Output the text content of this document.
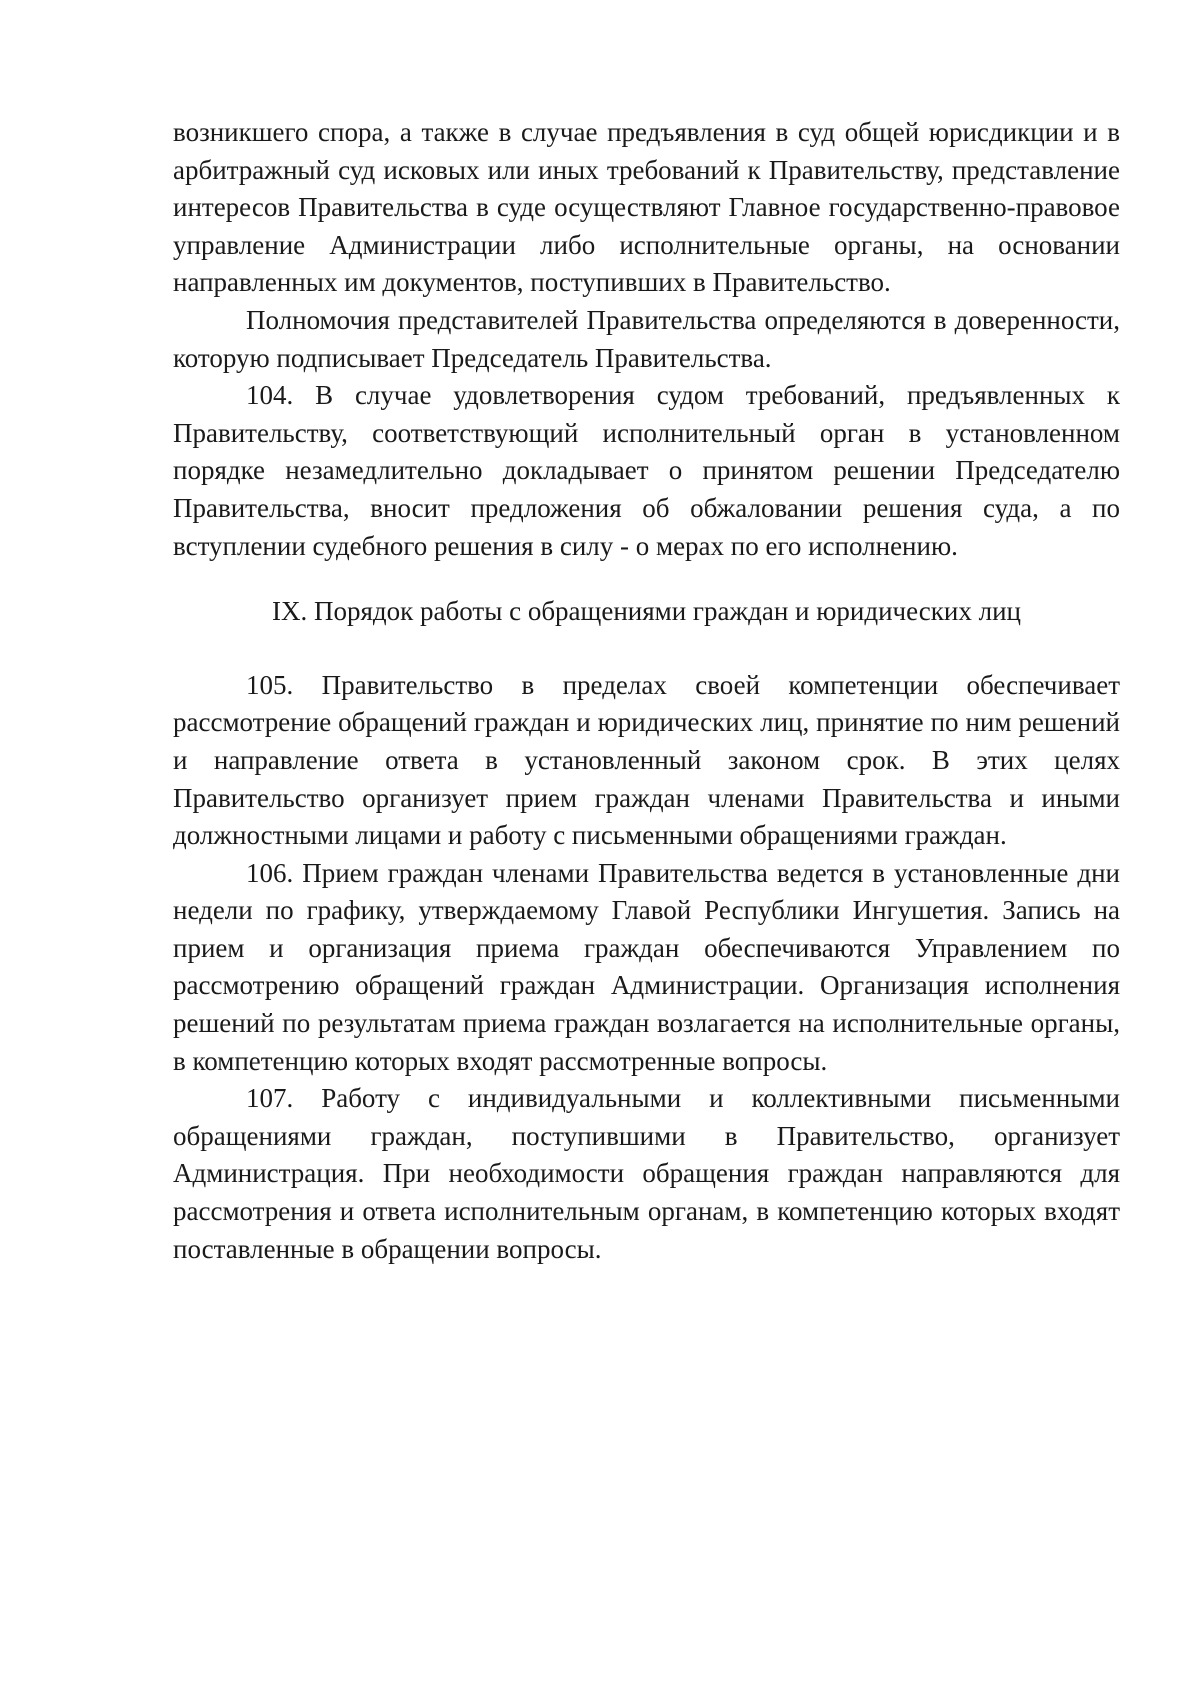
возникшего спора, а также в случае предъявления в суд общей юрисдикции и в арбитражный суд исковых или иных требований к Правительству, представление интересов Правительства в суде осуществляют Главное государственно-правовое управление Администрации либо исполнительные органы, на основании направленных им документов, поступивших в Правительство.

Полномочия представителей Правительства определяются в доверенности, которую подписывает Председатель Правительства.

104. В случае удовлетворения судом требований, предъявленных к Правительству, соответствующий исполнительный орган в установленном порядке незамедлительно докладывает о принятом решении Председателю Правительства, вносит предложения об обжаловании решения суда, а по вступлении судебного решения в силу - о мерах по его исполнению.

IX. Порядок работы с обращениями граждан и юридических лиц

105. Правительство в пределах своей компетенции обеспечивает рассмотрение обращений граждан и юридических лиц, принятие по ним решений и направление ответа в установленный законом срок. В этих целях Правительство организует прием граждан членами Правительства и иными должностными лицами и работу с письменными обращениями граждан.

106. Прием граждан членами Правительства ведется в установленные дни недели по графику, утверждаемому Главой Республики Ингушетия. Запись на прием и организация приема граждан обеспечиваются Управлением по рассмотрению обращений граждан Администрации. Организация исполнения решений по результатам приема граждан возлагается на исполнительные органы, в компетенцию которых входят рассмотренные вопросы.

107. Работу с индивидуальными и коллективными письменными обращениями граждан, поступившими в Правительство, организует Администрация. При необходимости обращения граждан направляются для рассмотрения и ответа исполнительным органам, в компетенцию которых входят поставленные в обращении вопросы.
